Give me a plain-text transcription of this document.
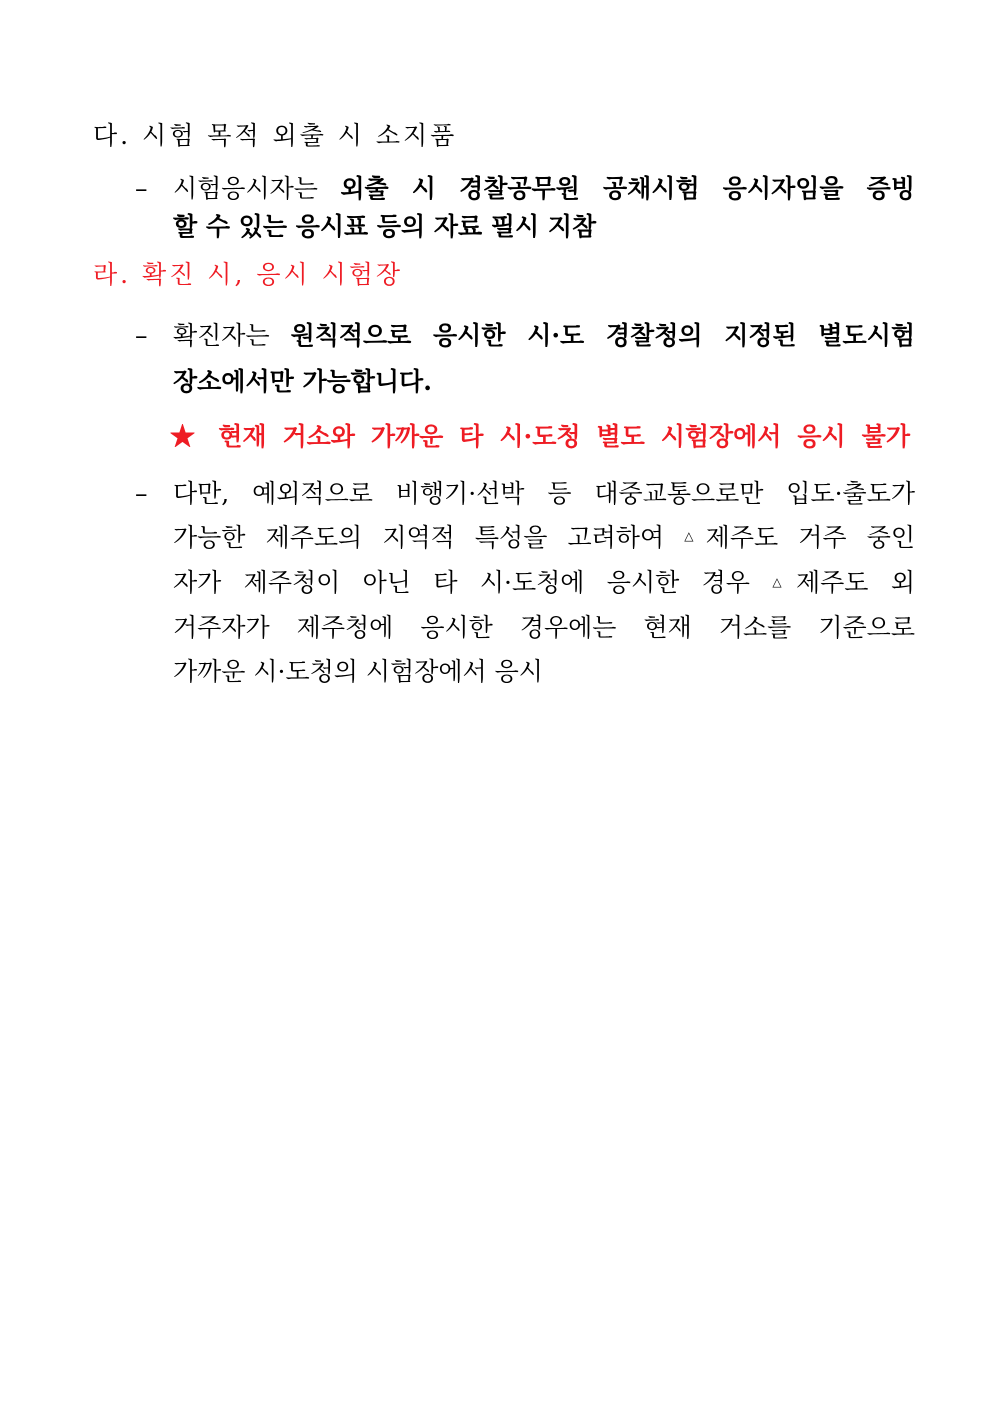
다. 시험 목적 외출 시 소지품
– 시험응시자는 외출 시 경찰공무원 공채시험 응시자임을 증빙
할 수 있는 응시표 등의 자료 필시 지참
라. 확진 시, 응시 시험장
– 확진자는 원칙적으로 응시한 시·도 경찰청의 지정된 별도시험
장소에서만 가능합니다.
★ 현재 거소와 가까운 타 시·도청 별도 시험장에서 응시 불가
– 다만, 예외적으로 비행기·선박 등 대중교통으로만 입도·출도가
가능한 제주도의 지역적 특성을 고려하여 △제주도 거주 중인
자가 제주청이 아닌 타 시·도청에 응시한 경우 △제주도 외
거주자가 제주청에 응시한 경우에는 현재 거소를 기준으로
가까운 시·도청의 시험장에서 응시
